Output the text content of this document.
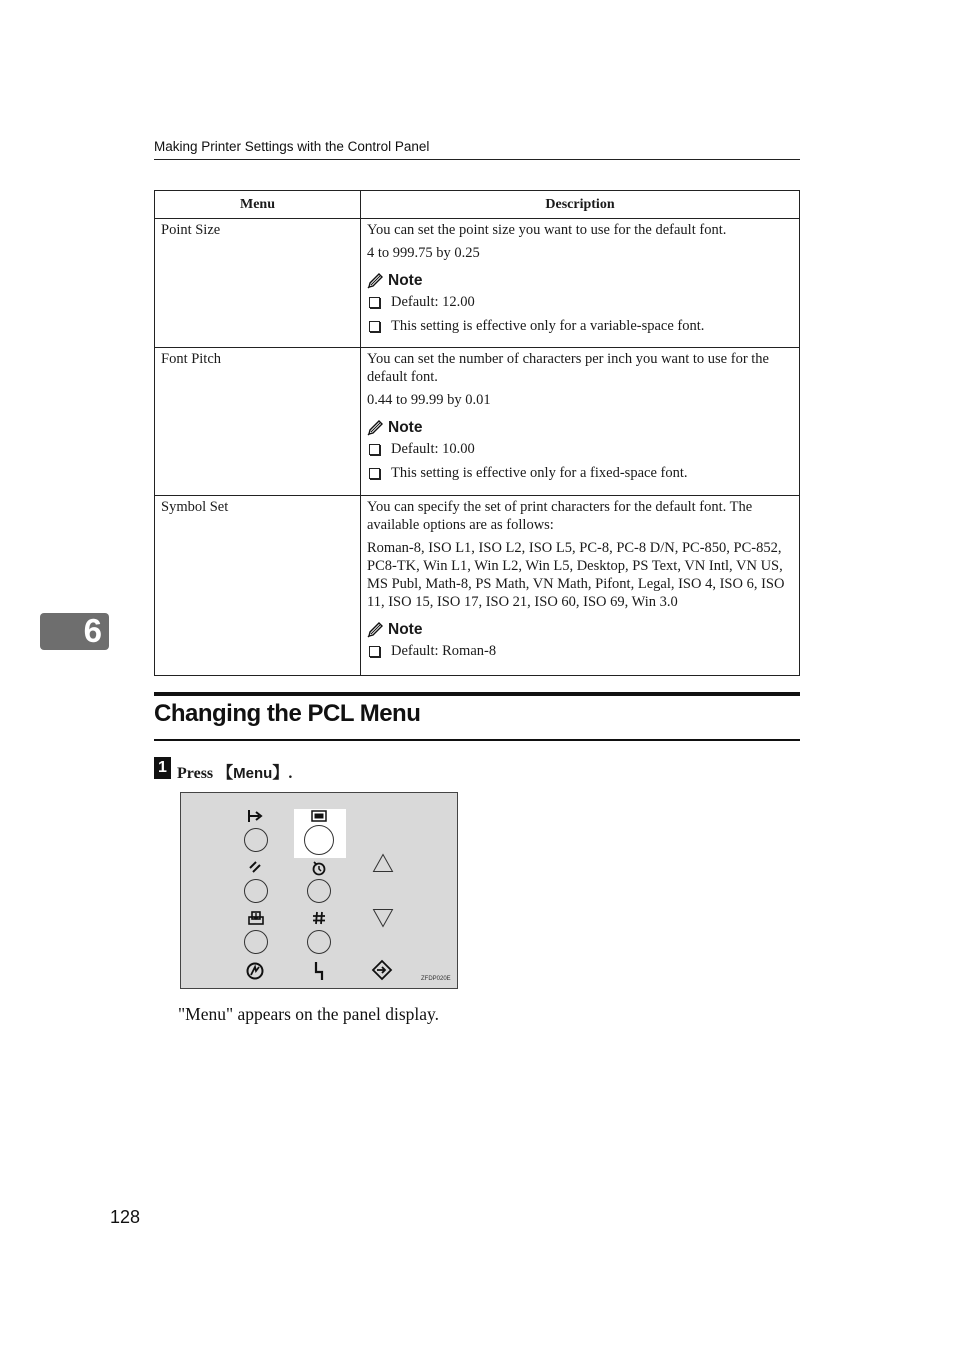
Making Printer Settings with the Control Panel
Menu	Description
Point Size	You can set the point size you want to use for the default font.

4 to 999.75 by 0.25

Note
Default: 12.00
This setting is effective only for a variable-space font.

Font Pitch	You can set the number of characters per inch you want to use for the default font.

0.44 to 99.99 by 0.01

Note
Default: 10.00
This setting is effective only for a fixed-space font.

Symbol Set	You can specify the set of print characters for the default font. The available options are as follows:

Roman-8, ISO L1, ISO L2, ISO L5, PC-8, PC-8 D/N, PC-850, PC-852, PC8-TK, Win L1, Win L2, Win L5, Desktop, PS Text, VN Intl, VN US, MS Publ, Math-8, PS Math, VN Math, Pifont, Legal, ISO 4, ISO 6, ISO 11, ISO 15, ISO 17, ISO 21, ISO 60, ISO 69, Win 3.0

Note
Default: Roman-8
6
Changing the PCL Menu
1 Press 【Menu】.
ZFDP020E
"Menu" appears on the panel display.
128
